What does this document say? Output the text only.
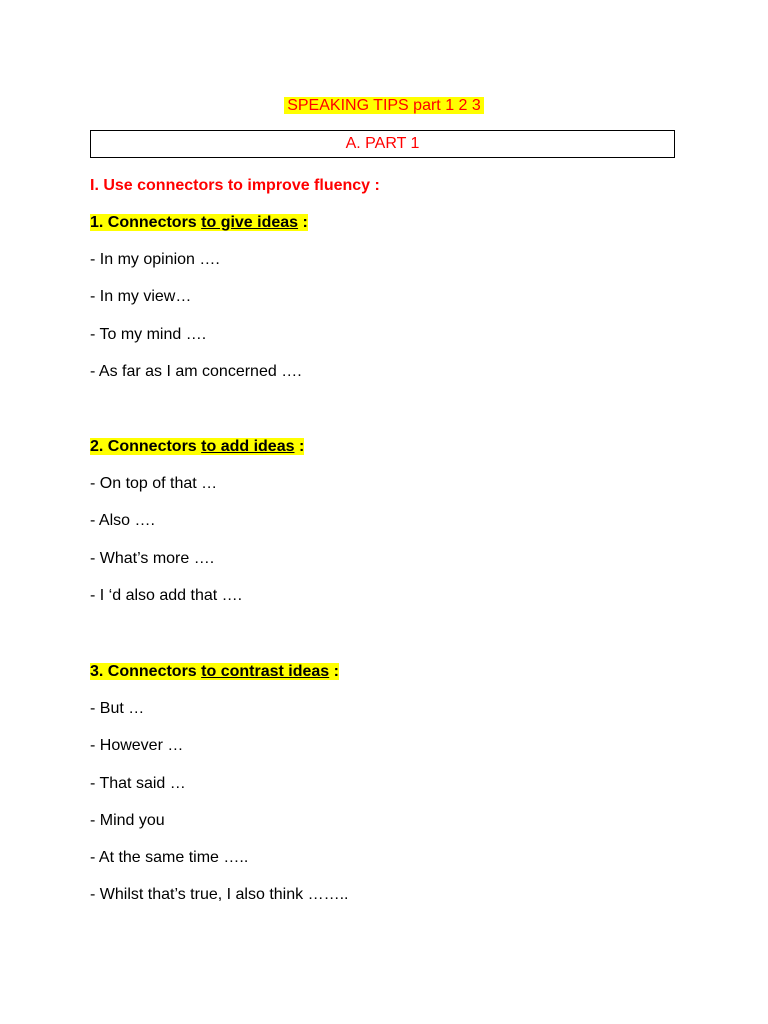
SPEAKING TIPS part 1 2 3
A. PART 1
I. Use connectors to improve fluency :
1. Connectors to give ideas :
- In my opinion ….
- In my view…
- To my mind ….
- As far as I am concerned ….
2. Connectors to add ideas :
- On top of that …
- Also ….
- What’s more ….
- I ‘d also add that ….
3. Connectors to contrast ideas :
- But …
- However …
- That said …
- Mind you
- At the same time …..
- Whilst that’s true, I also think ……..
